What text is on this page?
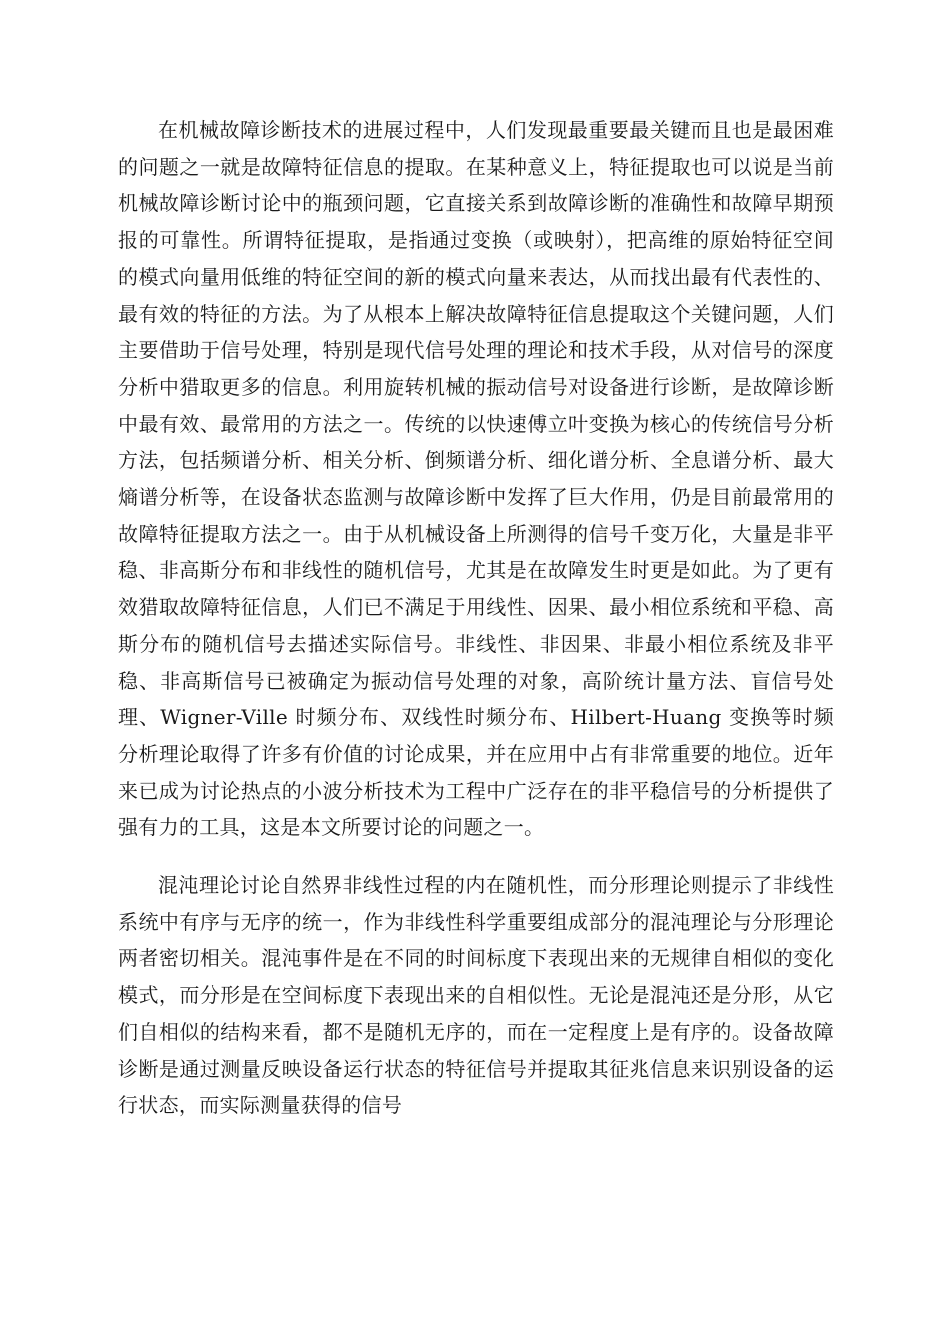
在机械故障诊断技术的进展过程中，人们发现最重要最关键而且也是最困难的问题之一就是故障特征信息的提取。在某种意义上，特征提取也可以说是当前机械故障诊断讨论中的瓶颈问题，它直接关系到故障诊断的准确性和故障早期预报的可靠性。所谓特征提取，是指通过变换（或映射），把高维的原始特征空间的模式向量用低维的特征空间的新的模式向量来表达，从而找出最有代表性的、最有效的特征的方法。为了从根本上解决故障特征信息提取这个关键问题，人们主要借助于信号处理，特别是现代信号处理的理论和技术手段，从对信号的深度分析中猎取更多的信息。利用旋转机械的振动信号对设备进行诊断，是故障诊断中最有效、最常用的方法之一。传统的以快速傅立叶变换为核心的传统信号分析方法，包括频谱分析、相关分析、倒频谱分析、细化谱分析、全息谱分析、最大熵谱分析等，在设备状态监测与故障诊断中发挥了巨大作用，仍是目前最常用的故障特征提取方法之一。由于从机械设备上所测得的信号千变万化，大量是非平稳、非高斯分布和非线性的随机信号，尤其是在故障发生时更是如此。为了更有效猎取故障特征信息，人们已不满足于用线性、因果、最小相位系统和平稳、高斯分布的随机信号去描述实际信号。非线性、非因果、非最小相位系统及非平稳、非高斯信号已被确定为振动信号处理的对象，高阶统计量方法、盲信号处理、Wigner-Ville 时频分布、双线性时频分布、Hilbert-Huang 变换等时频分析理论取得了许多有价值的讨论成果，并在应用中占有非常重要的地位。近年来已成为讨论热点的小波分析技术为工程中广泛存在的非平稳信号的分析提供了强有力的工具，这是本文所要讨论的问题之一。

混沌理论讨论自然界非线性过程的内在随机性，而分形理论则提示了非线性系统中有序与无序的统一，作为非线性科学重要组成部分的混沌理论与分形理论两者密切相关。混沌事件是在不同的时间标度下表现出来的无规律自相似的变化模式，而分形是在空间标度下表现出来的自相似性。无论是混沌还是分形，从它们自相似的结构来看，都不是随机无序的，而在一定程度上是有序的。设备故障诊断是通过测量反映设备运行状态的特征信号并提取其征兆信息来识别设备的运行状态，而实际测量获得的信号
